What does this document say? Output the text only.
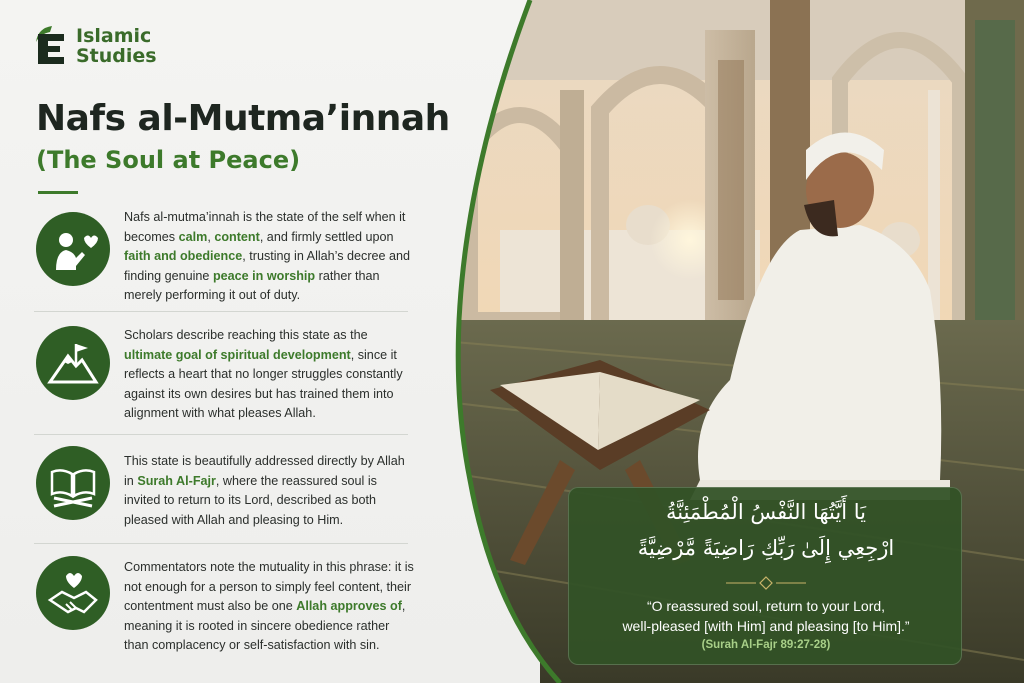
Islamic
Studies
Nafs al-Mutma’innah
(The Soul at Peace)
Nafs al-mutma’innah is the state of the self when it becomes calm, content, and firmly settled upon faith and obedience, trusting in Allah’s decree and finding genuine peace in worship rather than merely performing it out of duty.
Scholars describe reaching this state as the ultimate goal of spiritual development, since it reflects a heart that no longer struggles constantly against its own desires but has trained them into alignment with what pleases Allah.
This state is beautifully addressed directly by Allah in Surah Al-Fajr, where the reassured soul is invited to return to its Lord, described as both pleased with Allah and pleasing to Him.
Commentators note the mutuality in this phrase: it is not enough for a person to simply feel content, their contentment must also be one Allah approves of, meaning it is rooted in sincere obedience rather than complacency or self-satisfaction with sin.
يَا أَيَّتُهَا النَّفْسُ الْمُطْمَئِنَّةُ
ارْجِعِي إِلَىٰ رَبِّكِ رَاضِيَةً مَّرْضِيَّةً
“O reassured soul, return to your Lord,
well-pleased [with Him] and pleasing [to Him].”
(Surah Al-Fajr 89:27-28)
